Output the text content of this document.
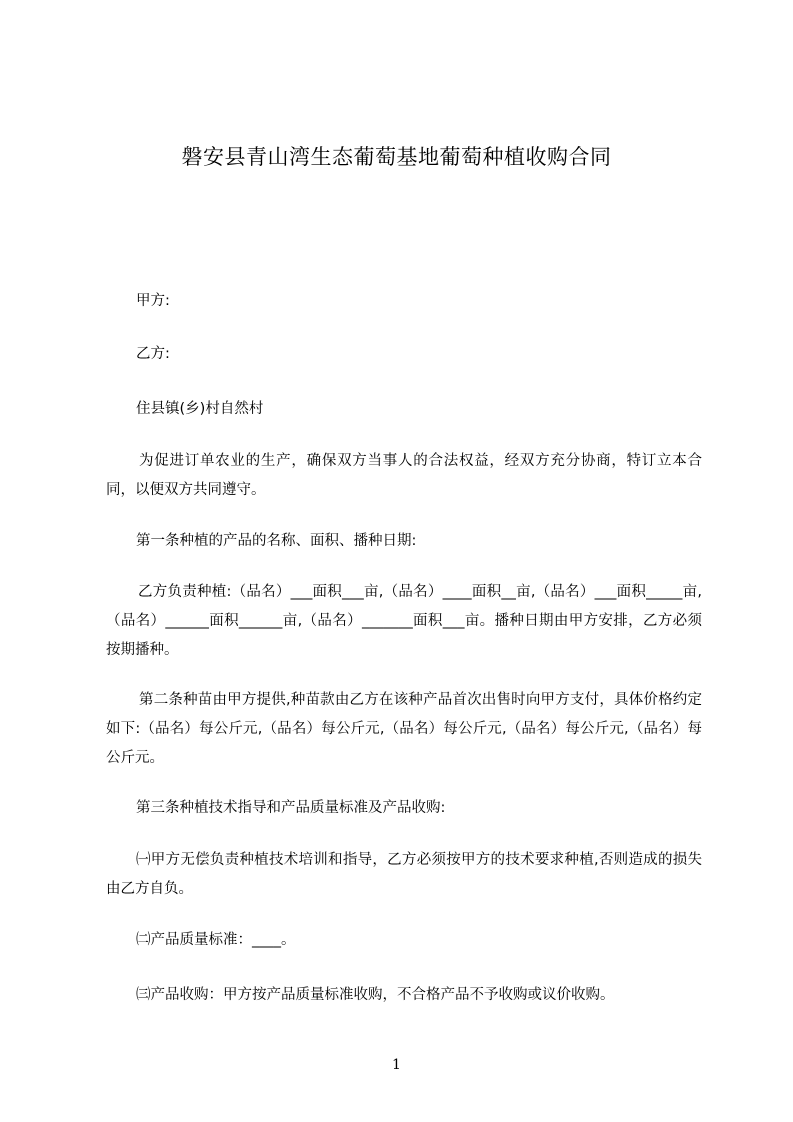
磐安县青山湾生态葡萄基地葡萄种植收购合同

甲方:

乙方:

住县镇(乡)村自然村

为促进订单农业的生产，确保双方当事人的合法权益，经双方充分协商，特订立本合同，以便双方共同遵守。

第一条种植的产品的名称、面积、播种日期:

乙方负责种植:（品名）___面积___亩,（品名）____面积__亩,（品名）___面积_____亩,（品名）______面积______亩,（品名）_______面积___亩。播种日期由甲方安排，乙方必须按期播种。

第二条种苗由甲方提供,种苗款由乙方在该种产品首次出售时向甲方支付，具体价格约定如下:（品名）每公斤元,（品名）每公斤元,（品名）每公斤元,（品名）每公斤元,（品名）每公斤元。

第三条种植技术指导和产品质量标准及产品收购:

㈠甲方无偿负责种植技术培训和指导，乙方必须按甲方的技术要求种植,否则造成的损失由乙方自负。

㈡产品质量标准：____。

㈢产品收购：甲方按产品质量标准收购，不合格产品不予收购或议价收购。

1
